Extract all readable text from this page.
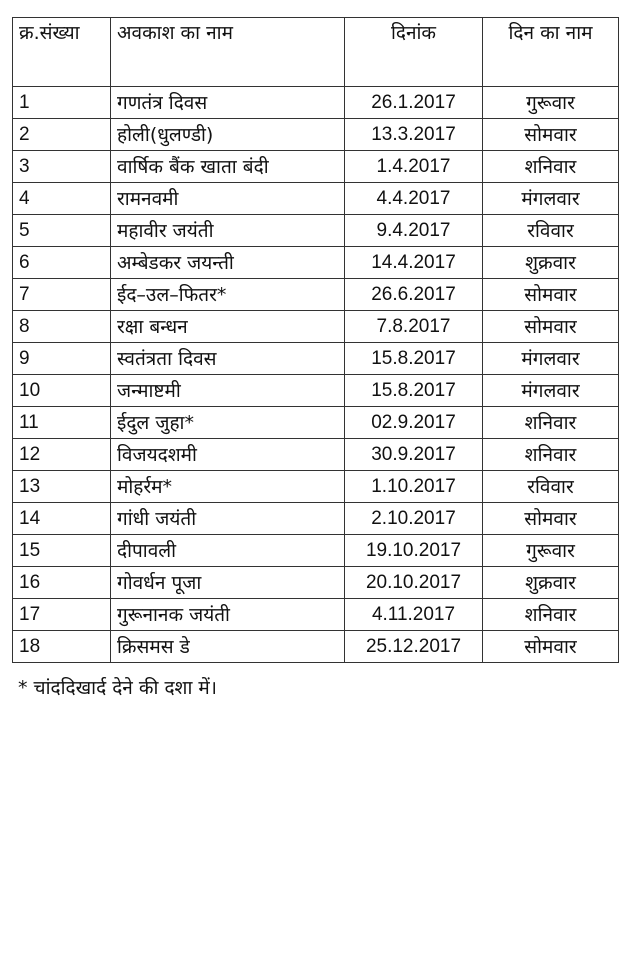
क्र.संख्या	अवकाश का नाम	दिनांक	दिन का नाम
1	गणतंत्र दिवस	26.1.2017	गुरूवार
2	होली(धुलण्डी)	13.3.2017	सोमवार
3	वार्षिक बैंक खाता बंदी	1.4.2017	शनिवार
4	रामनवमी	4.4.2017	मंगलवार
5	महावीर जयंती	9.4.2017	रविवार
6	अम्बेडकर जयन्ती	14.4.2017	शुक्रवार
7	ईद–उल–फितर*	26.6.2017	सोमवार
8	रक्षा बन्धन	7.8.2017	सोमवार
9	स्वतंत्रता दिवस	15.8.2017	मंगलवार
10	जन्माष्टमी	15.8.2017	मंगलवार
11	ईदुल जुहा*	02.9.2017	शनिवार
12	विजयदशमी	30.9.2017	शनिवार
13	मोहर्रम*	1.10.2017	रविवार
14	गांधी जयंती	2.10.2017	सोमवार
15	दीपावली	19.10.2017	गुरूवार
16	गोवर्धन पूजा	20.10.2017	शुक्रवार
17	गुरूनानक जयंती	4.11.2017	शनिवार
18	क्रिसमस डे	25.12.2017	सोमवार
* चांददिखार्द देने की दशा में।
